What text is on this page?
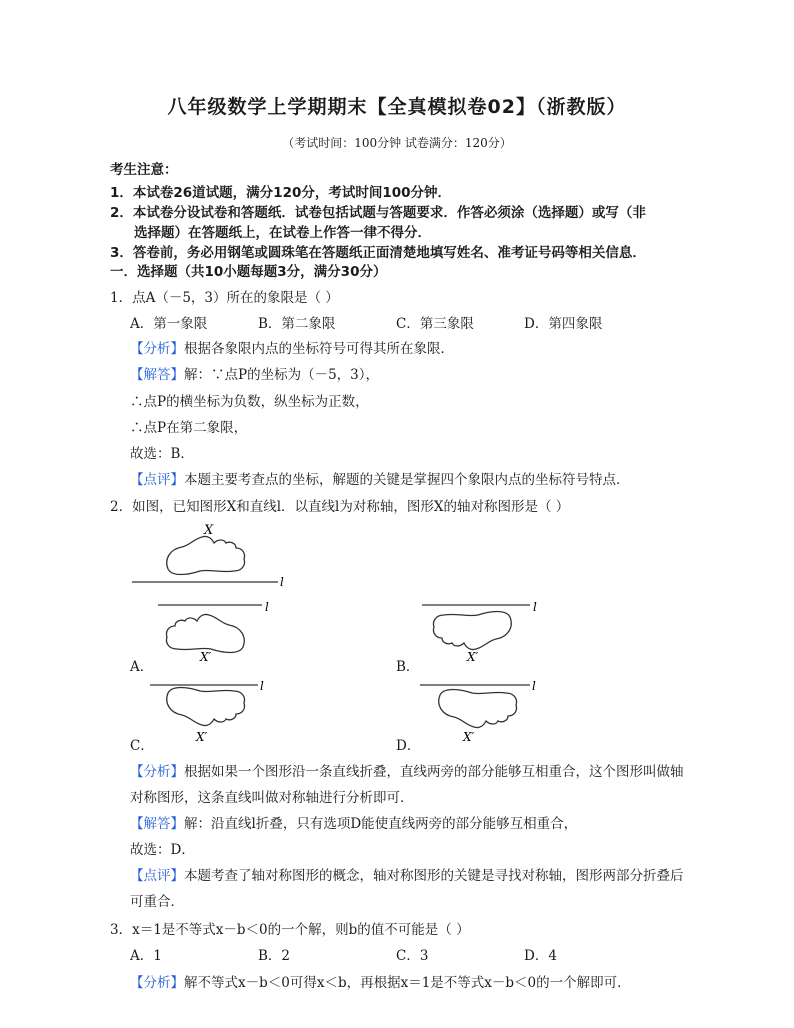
八年级数学上学期期末【全真模拟卷02】（浙教版）
（考试时间：100分钟 试卷满分：120分）
考生注意：
1．本试卷26道试题，满分120分，考试时间100分钟．
2．本试卷分设试卷和答题纸．试卷包括试题与答题要求．作答必须涂（选择题）或写（非
选择题）在答题纸上，在试卷上作答一律不得分．
3．答卷前，务必用钢笔或圆珠笔在答题纸正面清楚地填写姓名、准考证号码等相关信息．
一．选择题（共10小题每题3分，满分30分）
1．点A（－5，3）所在的象限是（ ）
A．第一象限	B．第二象限	C．第三象限	D．第四象限
【分析】根据各象限内点的坐标符号可得其所在象限．
【解答】解：∵点P的坐标为（－5，3），
∴点P的横坐标为负数，纵坐标为正数，
∴点P在第二象限，
故选：B．
【点评】本题主要考查点的坐标，解题的关键是掌握四个象限内点的坐标符号特点．
2．如图，已知图形X和直线l．以直线l为对称轴，图形X的轴对称图形是（ ）
X
l
l
X′
l
X′
l
X′
l
X′
A．	B．
C．	D．
【分析】根据如果一个图形沿一条直线折叠，直线两旁的部分能够互相重合，这个图形叫做轴
对称图形，这条直线叫做对称轴进行分析即可．
【解答】解：沿直线l折叠，只有选项D能使直线两旁的部分能够互相重合，
故选：D．
【点评】本题考查了轴对称图形的概念，轴对称图形的关键是寻找对称轴，图形两部分折叠后
可重合．
3．x＝1是不等式x－b＜0的一个解，则b的值不可能是（ ）
A．1	B．2	C．3	D．4
【分析】解不等式x－b＜0可得x＜b，再根据x＝1是不等式x－b＜0的一个解即可．
